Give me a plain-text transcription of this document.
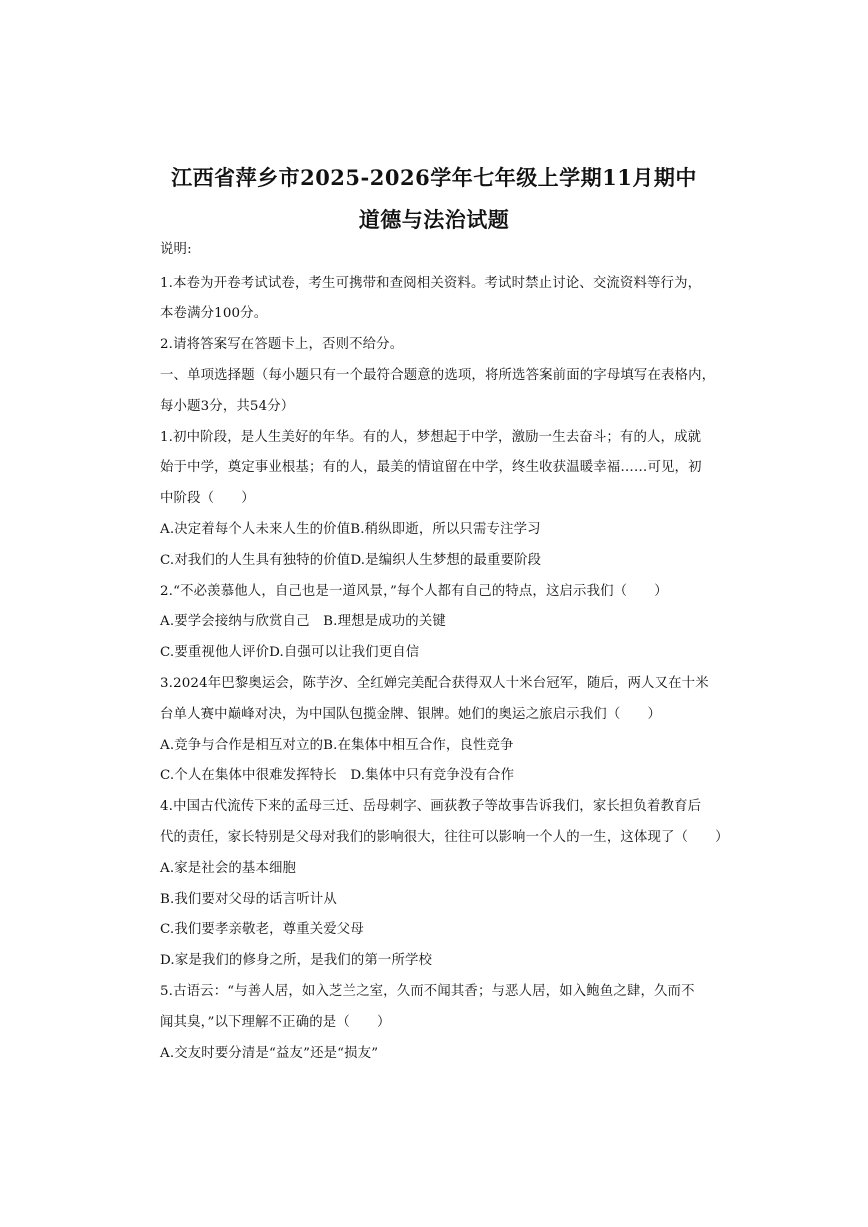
江西省萍乡市2025-2026学年七年级上学期11月期中
道德与法治试题
说明:
1.本卷为开卷考试试卷，考生可携带和查阅相关资料。考试时禁止讨论、交流资料等行为，
本卷满分100分。
2.请将答案写在答题卡上，否则不给分。
一、单项选择题（每小题只有一个最符合题意的选项，将所选答案前面的字母填写在表格内，
每小题3分，共54分）
1.初中阶段，是人生美好的年华。有的人，梦想起于中学，激励一生去奋斗；有的人，成就
始于中学，奠定事业根基；有的人，最美的情谊留在中学，终生收获温暖幸福……可见，初
中阶段（　　）
A.决定着每个人未来人生的价值B.稍纵即逝，所以只需专注学习
C.对我们的人生具有独特的价值D.是编织人生梦想的最重要阶段
2.“不必羡慕他人，自己也是一道风景，”每个人都有自己的特点，这启示我们（　　）
A.要学会接纳与欣赏自己　B.理想是成功的关键
C.要重视他人评价D.自强可以让我们更自信
3.2024年巴黎奥运会，陈芋汐、全红婵完美配合获得双人十米台冠军，随后，两人又在十米
台单人赛中巅峰对决，为中国队包揽金牌、银牌。她们的奥运之旅启示我们（　　）
A.竞争与合作是相互对立的B.在集体中相互合作，良性竞争
C.个人在集体中很难发挥特长　D.集体中只有竞争没有合作
4.中国古代流传下来的孟母三迁、岳母刺字、画荻教子等故事告诉我们，家长担负着教育后
代的责任，家长特别是父母对我们的影响很大，往往可以影响一个人的一生，这体现了（　　）
A.家是社会的基本细胞
B.我们要对父母的话言听计从
C.我们要孝亲敬老，尊重关爱父母
D.家是我们的修身之所，是我们的第一所学校
5.古语云：“与善人居，如入芝兰之室，久而不闻其香；与恶人居，如入鲍鱼之肆，久而不
闻其臭，”以下理解不正确的是（　　）
A.交友时要分清是“益友”还是“损友”
